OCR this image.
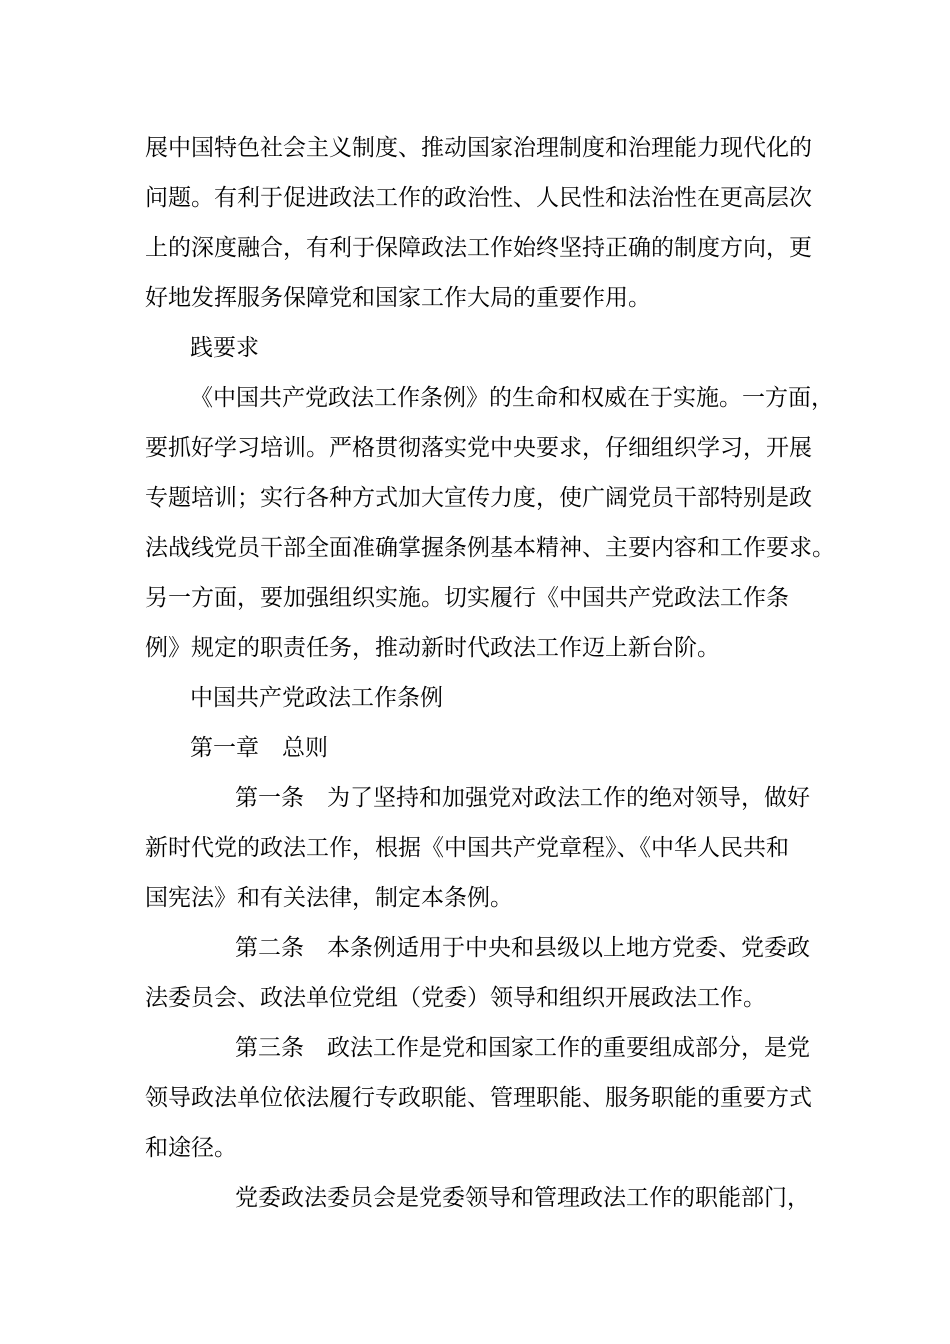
展中国特色社会主义制度、推动国家治理制度和治理能力现代化的

问题。有利于促进政法工作的政治性、人民性和法治性在更高层次

上的深度融合，有利于保障政法工作始终坚持正确的制度方向，更

好地发挥服务保障党和国家工作大局的重要作用。

践要求

《中国共产党政法工作条例》的生命和权威在于实施。一方面，

要抓好学习培训。严格贯彻落实党中央要求，仔细组织学习，开展

专题培训；实行各种方式加大宣传力度，使广阔党员干部特别是政

法战线党员干部全面准确掌握条例基本精神、主要内容和工作要求。

另一方面，要加强组织实施。切实履行《中国共产党政法工作条

例》规定的职责任务，推动新时代政法工作迈上新台阶。

中国共产党政法工作条例

第一章　总则

第一条　为了坚持和加强党对政法工作的绝对领导，做好

新时代党的政法工作，根据《中国共产党章程》、《中华人民共和

国宪法》和有关法律，制定本条例。

第二条　本条例适用于中央和县级以上地方党委、党委政

法委员会、政法单位党组（党委）领导和组织开展政法工作。

第三条　政法工作是党和国家工作的重要组成部分，是党

领导政法单位依法履行专政职能、管理职能、服务职能的重要方式

和途径。

党委政法委员会是党委领导和管理政法工作的职能部门，
